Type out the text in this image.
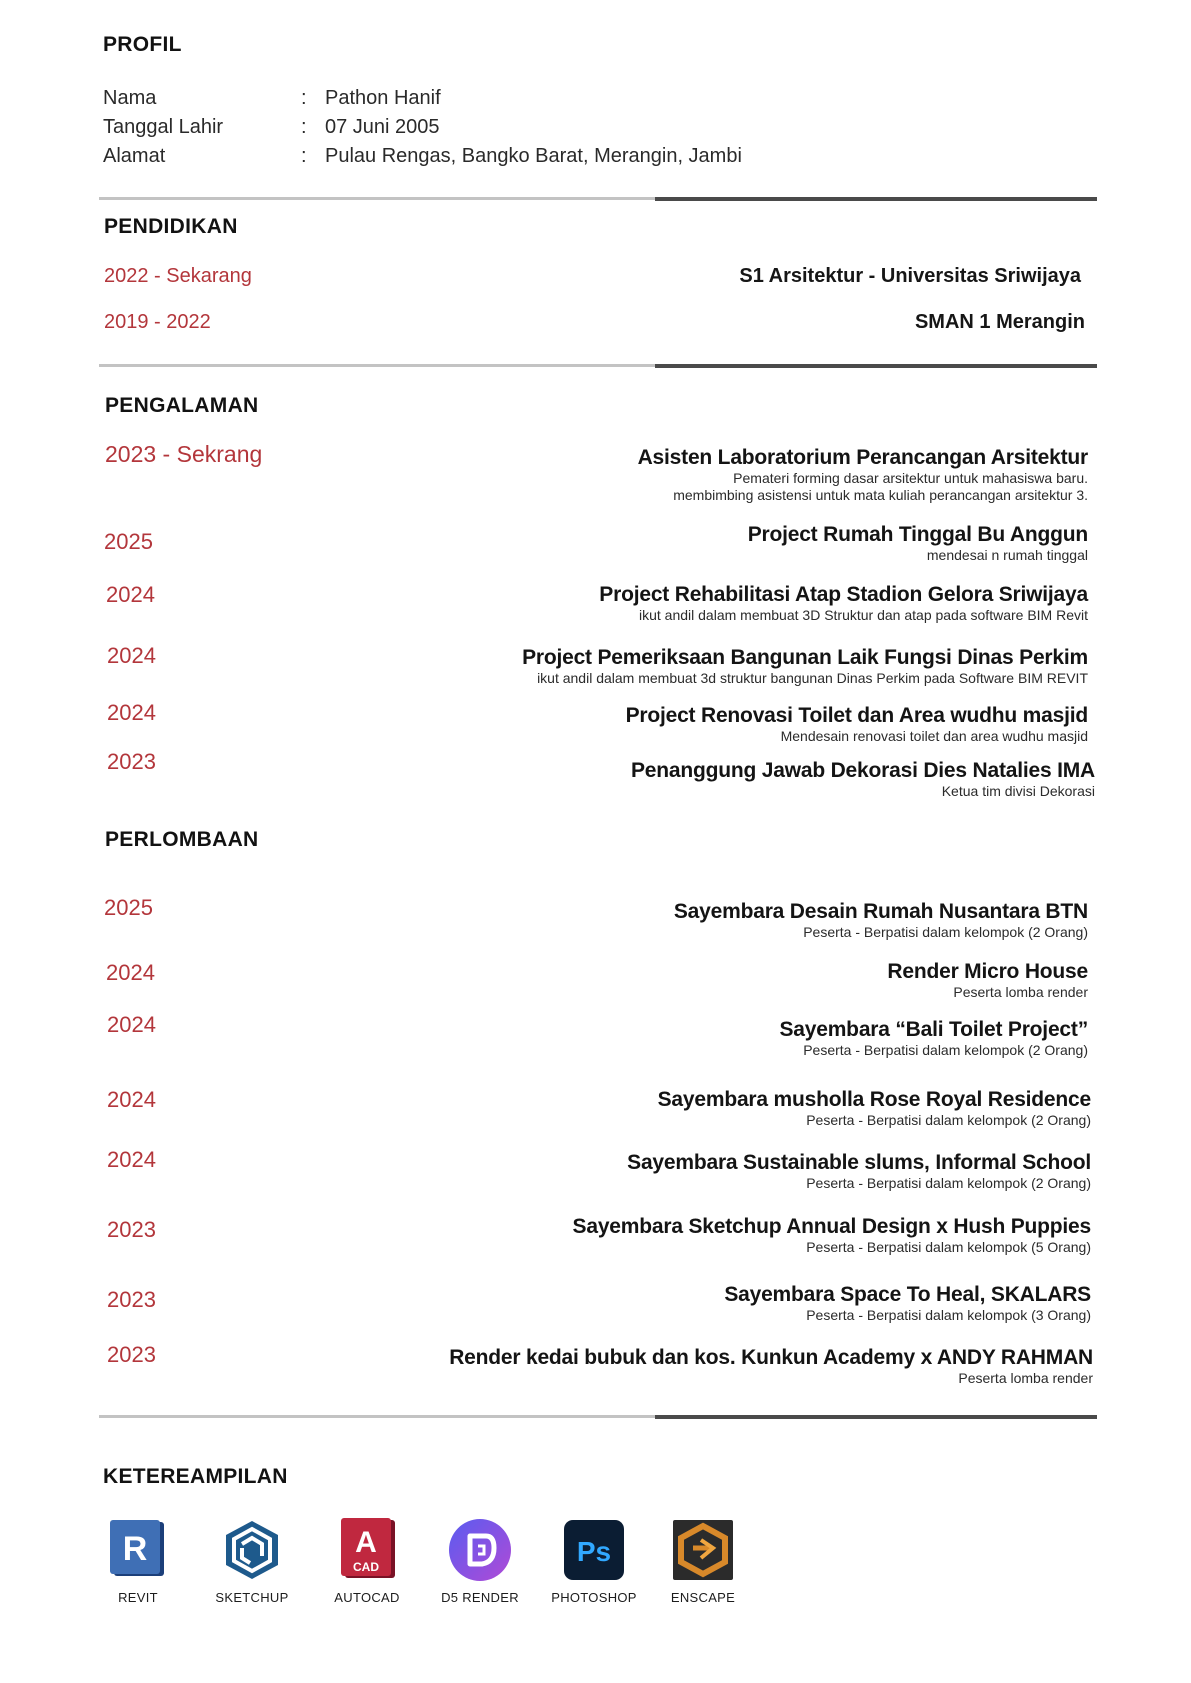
PROFIL
Nama	: Pathon Hanif
Tanggal Lahir	: 07 Juni 2005
Alamat	: Pulau Rengas, Bangko Barat, Merangin, Jambi
PENDIDIKAN
2022 - Sekarang	S1 Arsitektur - Universitas Sriwijaya
2019 - 2022	SMAN 1 Merangin
PENGALAMAN
2023 - Sekrang	Asisten Laboratorium Perancangan Arsitektur
Pemateri forming dasar arsitektur untuk mahasiswa baru.
membimbing asistensi untuk mata kuliah perancangan arsitektur 3.
2025	Project Rumah Tinggal Bu Anggun
mendesai n rumah tinggal
2024	Project Rehabilitasi Atap Stadion Gelora Sriwijaya
ikut andil dalam membuat 3D Struktur dan atap pada software BIM Revit
2024	Project Pemeriksaan Bangunan Laik Fungsi Dinas Perkim
ikut andil dalam membuat 3d struktur bangunan Dinas Perkim pada Software BIM REVIT
2024	Project Renovasi Toilet dan Area wudhu masjid
Mendesain renovasi toilet dan area wudhu masjid
2023	Penanggung Jawab Dekorasi Dies Natalies IMA
Ketua tim divisi Dekorasi
PERLOMBAAN
2025	Sayembara Desain Rumah Nusantara BTN
Peserta - Berpatisi dalam kelompok (2 Orang)
2024	Render Micro House
Peserta lomba render
2024	Sayembara “Bali Toilet Project”
Peserta - Berpatisi dalam kelompok (2 Orang)
2024	Sayembara musholla Rose Royal Residence
Peserta - Berpatisi dalam kelompok (2 Orang)
2024	Sayembara Sustainable slums, Informal School
Peserta - Berpatisi dalam kelompok (2 Orang)
2023	Sayembara Sketchup Annual Design x Hush Puppies
Peserta - Berpatisi dalam kelompok (5 Orang)
2023	Sayembara Space To Heal, SKALARS
Peserta - Berpatisi dalam kelompok (3 Orang)
2023	Render kedai bubuk dan kos. Kunkun Academy x ANDY RAHMAN
Peserta lomba render
KETEREAMPILAN
R
REVIT	SKETCHUP
A
CAD
AUTOCAD	D5 RENDER
Ps
PHOTOSHOP	ENSCAPE
